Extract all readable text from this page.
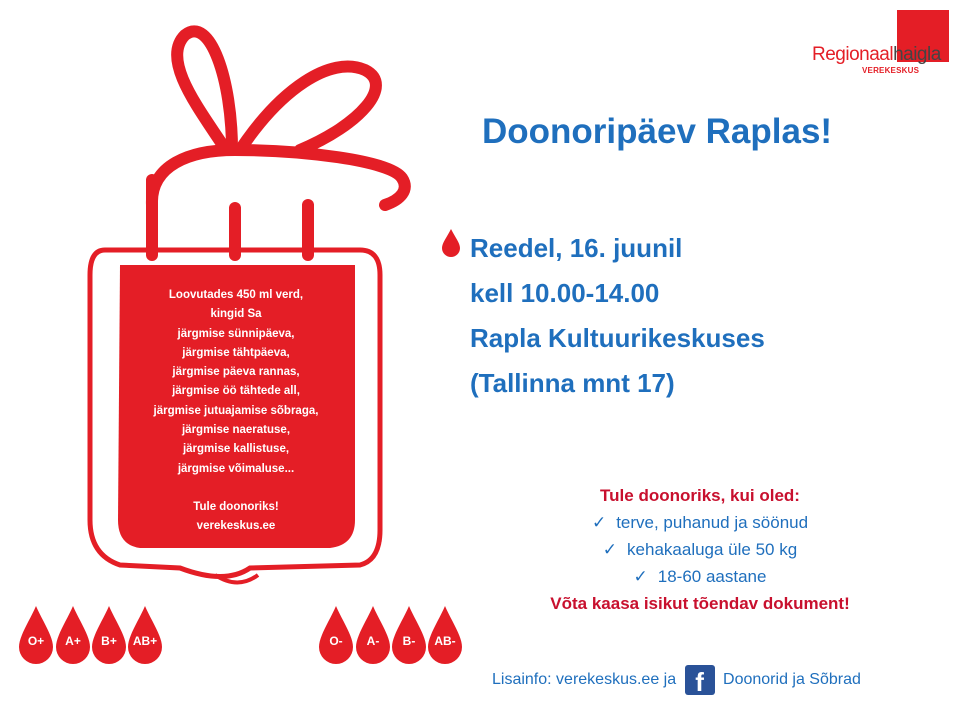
Regionaalhaigla
VEREKESKUS
Doonoripäev Raplas!
Reedel, 16. juunil
kell 10.00-14.00
Rapla Kultuurikeskuses
(Tallinna mnt 17)
Loovutades 450 ml verd,
kingid Sa
järgmise sünnipäeva,
järgmise tähtpäeva,
järgmise päeva rannas,
järgmise öö tähtede all,
järgmise jutuajamise sõbraga,
järgmise naeratuse,
järgmise kallistuse,
järgmise võimaluse...
Tule doonoriks!
verekeskus.ee
O+	A+	B+	AB+	O-	A-	B-	AB-
Tule doonoriks, kui oled:
✓ terve, puhanud ja söönud
✓ kehakaaluga üle 50 kg
✓ 18-60 aastane
Võta kaasa isikut tõendav dokument!
Lisainfo: verekeskus.ee ja f Doonorid ja Sõbrad
